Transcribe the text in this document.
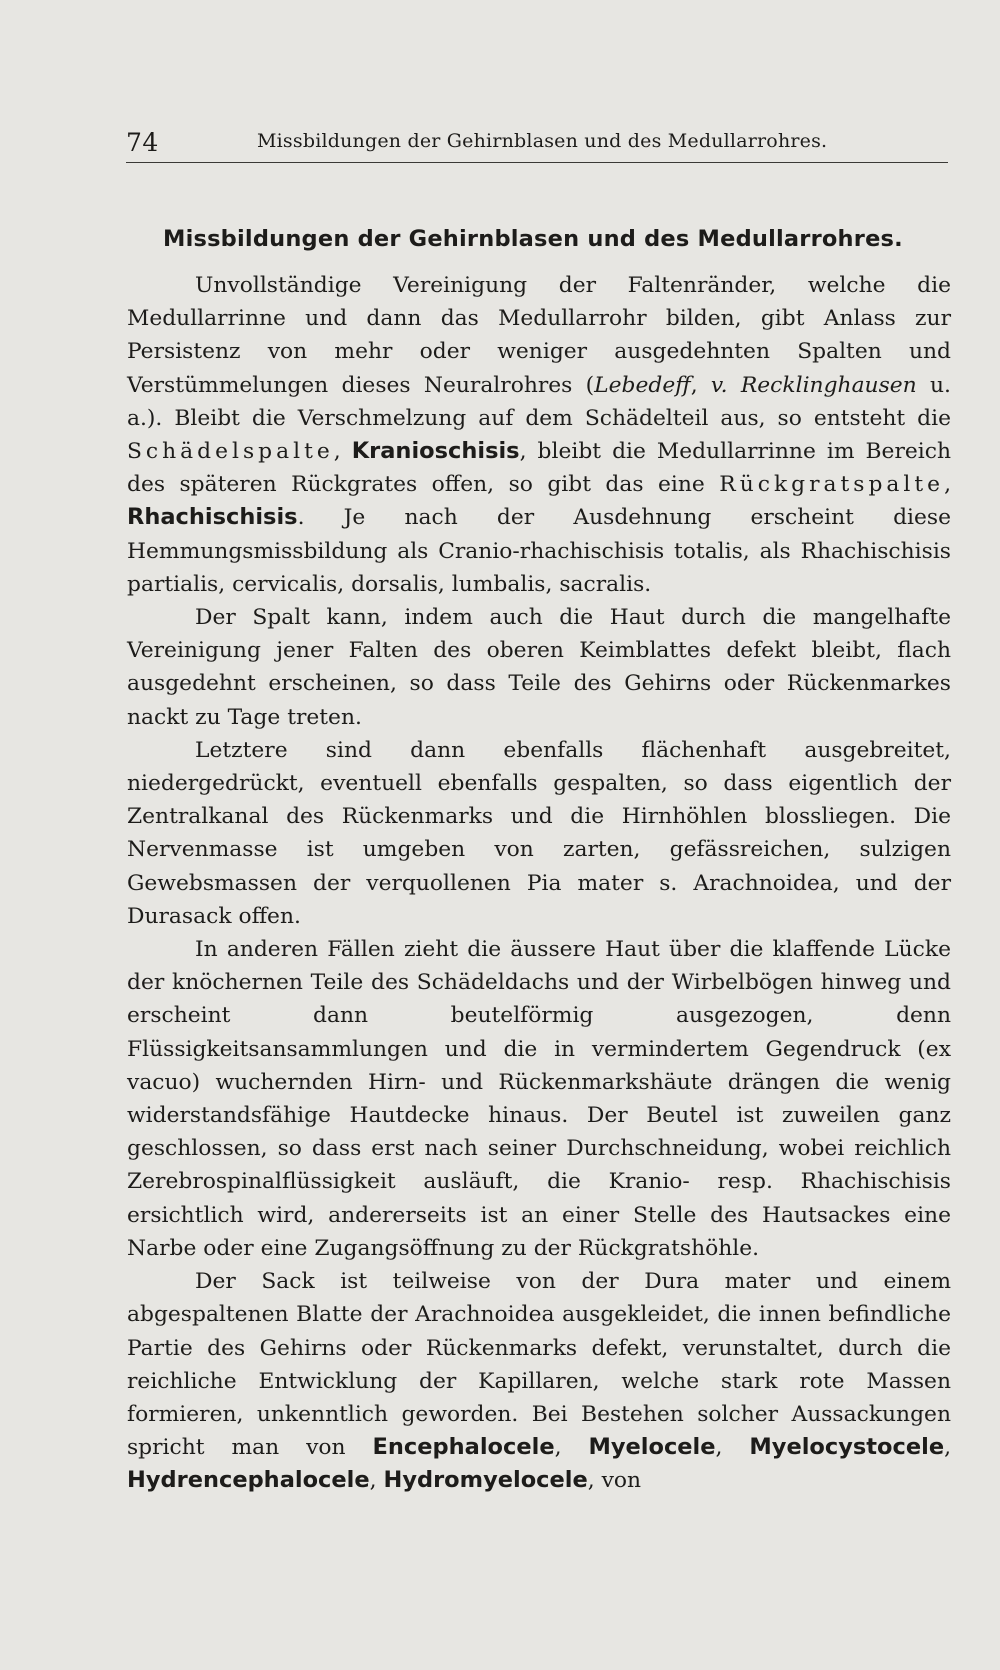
74	Missbildungen der Gehirnblasen und des Medullarrohres.
Missbildungen der Gehirnblasen und des Medullarrohres.

Unvollständige Vereinigung der Faltenränder, welche die Medullarrinne und dann das Medullarrohr bilden, gibt Anlass zur Persistenz von mehr oder weniger ausgedehnten Spalten und Verstümmelungen dieses Neuralrohres (Lebedeff, v. Recklinghausen u. a.). Bleibt die Verschmelzung auf dem Schädelteil aus, so entsteht die Schädelspalte, Kranioschisis, bleibt die Medullarrinne im Bereich des späteren Rückgrates offen, so gibt das eine Rückgratspalte, Rhachischisis. Je nach der Ausdehnung erscheint diese Hemmungsmissbildung als Cranio-rhachischisis totalis, als Rhachischisis partialis, cervicalis, dorsalis, lumbalis, sacralis.

Der Spalt kann, indem auch die Haut durch die mangelhafte Vereinigung jener Falten des oberen Keimblattes defekt bleibt, flach ausgedehnt erscheinen, so dass Teile des Gehirns oder Rückenmarkes nackt zu Tage treten.

Letztere sind dann ebenfalls flächenhaft ausgebreitet, niedergedrückt, eventuell ebenfalls gespalten, so dass eigentlich der Zentralkanal des Rückenmarks und die Hirnhöhlen blossliegen. Die Nervenmasse ist umgeben von zarten, gefässreichen, sulzigen Gewebsmassen der verquollenen Pia mater s. Arachnoidea, und der Durasack offen.

In anderen Fällen zieht die äussere Haut über die klaffende Lücke der knöchernen Teile des Schädeldachs und der Wirbelbögen hinweg und erscheint dann beutelförmig ausgezogen, denn Flüssigkeitsansammlungen und die in vermindertem Gegendruck (ex vacuo) wuchernden Hirn- und Rückenmarkshäute drängen die wenig widerstandsfähige Hautdecke hinaus. Der Beutel ist zuweilen ganz geschlossen, so dass erst nach seiner Durchschneidung, wobei reichlich Zerebrospinalflüssigkeit ausläuft, die Kranio- resp. Rhachischisis ersichtlich wird, andererseits ist an einer Stelle des Hautsackes eine Narbe oder eine Zugangsöffnung zu der Rückgratshöhle.

Der Sack ist teilweise von der Dura mater und einem abgespaltenen Blatte der Arachnoidea ausgekleidet, die innen befindliche Partie des Gehirns oder Rückenmarks defekt, verunstaltet, durch die reichliche Entwicklung der Kapillaren, welche stark rote Massen formieren, unkenntlich geworden. Bei Bestehen solcher Aussackungen spricht man von Encephalocele, Myelocele, Myelocystocele, Hydrencephalocele, Hydromyelocele, von
